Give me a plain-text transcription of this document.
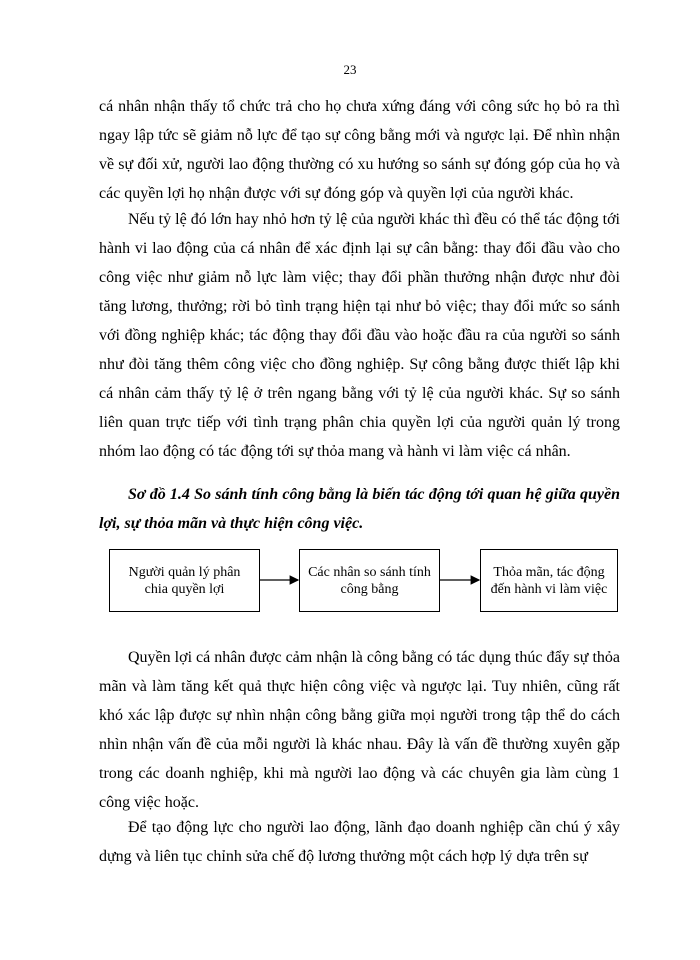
23

cá nhân nhận thấy tổ chức trả cho họ chưa xứng đáng với công sức họ bỏ ra thì ngay lập tức sẽ giảm nỗ lực để tạo sự công bằng mới và ngược lại. Để nhìn nhận về sự đối xử, người lao động thường có xu hướng so sánh sự đóng góp của họ và các quyền lợi họ nhận được với sự đóng góp và quyền lợi của người khác.

Nếu tỷ lệ đó lớn hay nhỏ hơn tỷ lệ của người khác thì đều có thể tác động tới hành vi lao động của cá nhân để xác định lại sự cân bằng: thay đổi đầu vào cho công việc như giảm nỗ lực làm việc; thay đổi phần thưởng nhận được như đòi tăng lương, thưởng; rời bỏ tình trạng hiện tại như bỏ việc; thay đổi mức so sánh với đồng nghiệp khác; tác động thay đổi đầu vào hoặc đầu ra của người so sánh như đòi tăng thêm công việc cho đồng nghiệp. Sự công bằng được thiết lập khi cá nhân cảm thấy tỷ lệ ở trên ngang bằng với tỷ lệ của người khác. Sự so sánh liên quan trực tiếp với tình trạng phân chia quyền lợi của người quản lý trong nhóm lao động có tác động tới sự thỏa mang và hành vi làm việc cá nhân.

Sơ đồ 1.4 So sánh tính công bằng là biến tác động tới quan hệ giữa quyền lợi, sự thỏa mãn và thực hiện công việc.

Người quản lý phân chia quyền lợi
Các nhân so sánh tính công bằng
Thỏa mãn, tác động đến hành vi làm việc

Quyền lợi cá nhân được cảm nhận là công bằng có tác dụng thúc đẩy sự thỏa mãn và làm tăng kết quả thực hiện công việc và ngược lại. Tuy nhiên, cũng rất khó xác lập được sự nhìn nhận công bằng giữa mọi người trong tập thể do cách nhìn nhận vấn đề của mỗi người là khác nhau. Đây là vấn đề thường xuyên gặp trong các doanh nghiệp, khi mà người lao động và các chuyên gia làm cùng 1 công việc hoặc.

Để tạo động lực cho người lao động, lãnh đạo doanh nghiệp cần chú ý xây dựng và liên tục chỉnh sửa chế độ lương thưởng một cách hợp lý dựa trên sự
